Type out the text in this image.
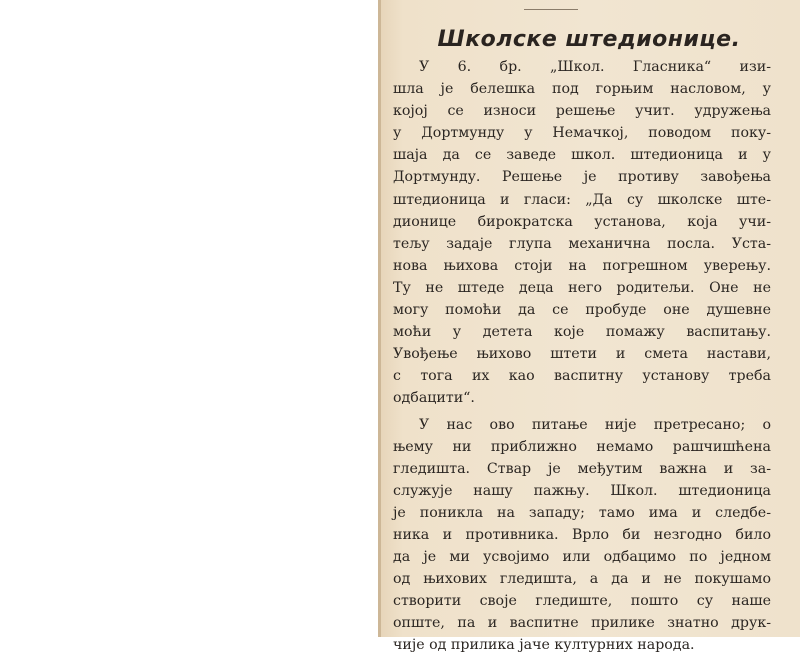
Школске штедионице.
У 6. бр. „Школ. Гласника“ изи-
шла је белешка под горњим насловом, у
којој се износи решење учит. удружења
у Дортмунду у Немачкој, поводом поку-
шаја да се заведе школ. штедионица и у
Дортмунду. Решење је противу завођења
штедионица и гласи: „Да су школске ште-
дионице бирократска установа, која учи-
тељу задаје глупа механична посла. Уста-
нова њихова стоји на погрешном уверењу.
Ту не штеде деца него родитељи. Оне не
могу помоћи да се пробуде оне душевне
моћи у детета које помажу васпитању.
Увођење њихово штети и смета настави,
с тога их као васпитну установу треба
одбацити“.
У нас ово питање није претресано; о
њему ни приближно немамо рашчишћена
гледишта. Ствар је међутим важна и за-
служује нашу пажњу. Школ. штедионица
је поникла на западу; тамо има и следбе-
ника и противника. Врло би незгодно било
да је ми усвојимо или одбацимо по једном
од њихових гледишта, а да и не покушамо
створити своје гледиште, пошто су наше
опште, па и васпитне прилике знатно друк-
чије од прилика јаче културних народа.
